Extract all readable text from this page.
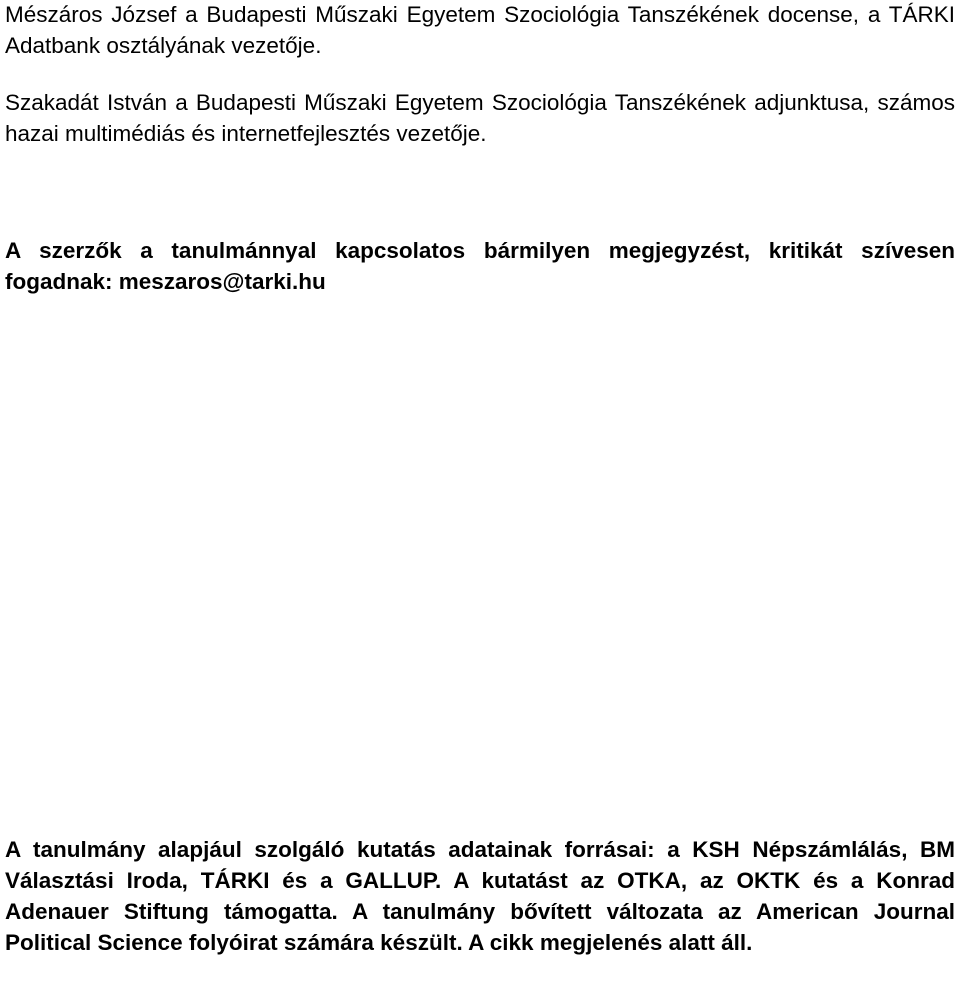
Mészáros József a Budapesti Műszaki Egyetem Szociológia Tanszékének docense, a TÁRKI Adatbank osztályának vezetője.

Szakadát István a Budapesti Műszaki Egyetem Szociológia Tanszékének adjunktusa, számos hazai multimédiás és internetfejlesztés vezetője.

A szerzők a tanulmánnyal kapcsolatos bármilyen megjegyzést, kritikát szívesen fogadnak: meszaros@tarki.hu

A tanulmány alapjául szolgáló kutatás adatainak forrásai: a KSH Népszámlálás, BM Választási Iroda, TÁRKI és a GALLUP. A kutatást az OTKA, az OKTK és a Konrad Adenauer Stiftung támogatta. A tanulmány bővített változata az American Journal Political Science folyóirat számára készült. A cikk megjelenés alatt áll.
